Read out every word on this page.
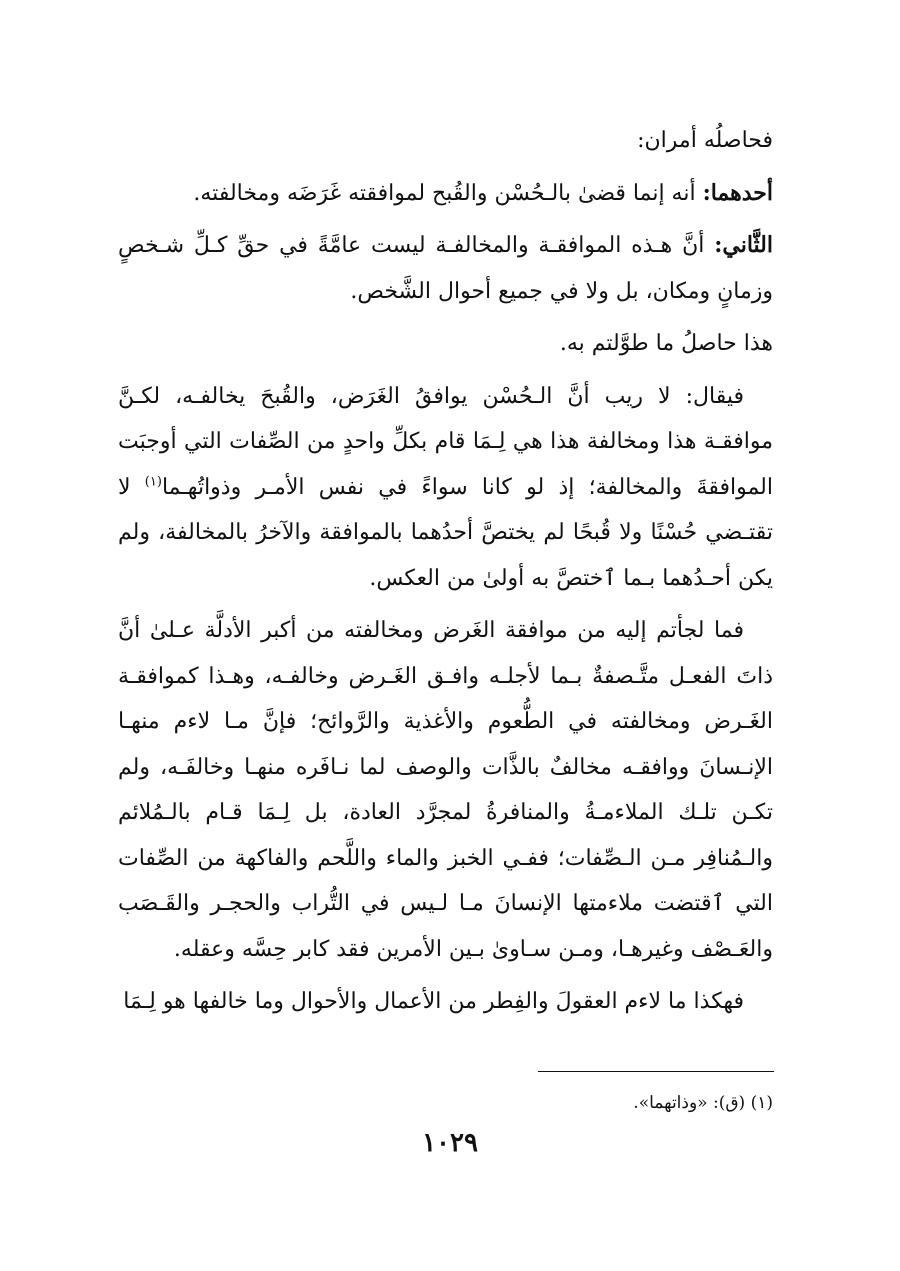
فحاصلُه أمران:

أحدهما: أنه إنما قضىٰ بالـحُسْن والقُبح لموافقته غَرَضَه ومخالفته.

الثَّاني: أنَّ هـذه الموافقـة والمخالفـة ليست عامَّةً في حقِّ كـلِّ شـخصٍ وزمانٍ ومكان، بل ولا في جميع أحوال الشَّخص.

هذا حاصلُ ما طوَّلتم به.

فيقال: لا ريب أنَّ الـحُسْن يوافقُ الغَرَض، والقُبحَ يخالفـه، لكـنَّ موافقـة هذا ومخالفة هذا هي لِـمَا قام بكلِّ واحدٍ من الصِّفات التي أوجبَت الموافقةَ والمخالفة؛ إذ لو كانا سواءً في نفس الأمـر وذواتُهـما$^{(١)}$ لا تقتـضي حُسْنًا ولا قُبحًا لم يختصَّ أحدُهما بالموافقة والآخرُ بالمخالفة، ولم يكن أحـدُهما بـما ٱختصَّ به أولىٰ من العكس.

فما لجأتم إليه من موافقة الغَرض ومخالفته من أكبر الأدلَّة عـلىٰ أنَّ ذاتَ الفعـل متَّـصفةٌ بـما لأجلـه وافـق الغَـرض وخالفـه، وهـذا كموافقـة الغَـرض ومخالفته في الطُّعوم والأغذية والرَّوائح؛ فإنَّ مـا لاءم منهـا الإنـسانَ ووافقـه مخالفٌ بالذَّات والوصف لما نـافَره منهـا وخالفَـه، ولم تكـن تلـك الملاءمـةُ والمنافرةُ لمجرَّد العادة، بل لِـمَا قـام بالـمُلائم والـمُنافِر مـن الـصِّفات؛ ففـي الخبز والماء واللَّحم والفاكهة من الصِّفات التي ٱقتضت ملاءمتها الإنسانَ مـا لـيس في التُّراب والحجـر والقَـصَب والعَـصْف وغيرهـا، ومـن سـاوىٰ بـين الأمرين فقد كابر حِسَّه وعقله.

فهكذا ما لاءم العقولَ والفِطر من الأعمال والأحوال وما خالفها هو لِـمَا

(١) (ق): «وذاتهما».
١٠٢٩
